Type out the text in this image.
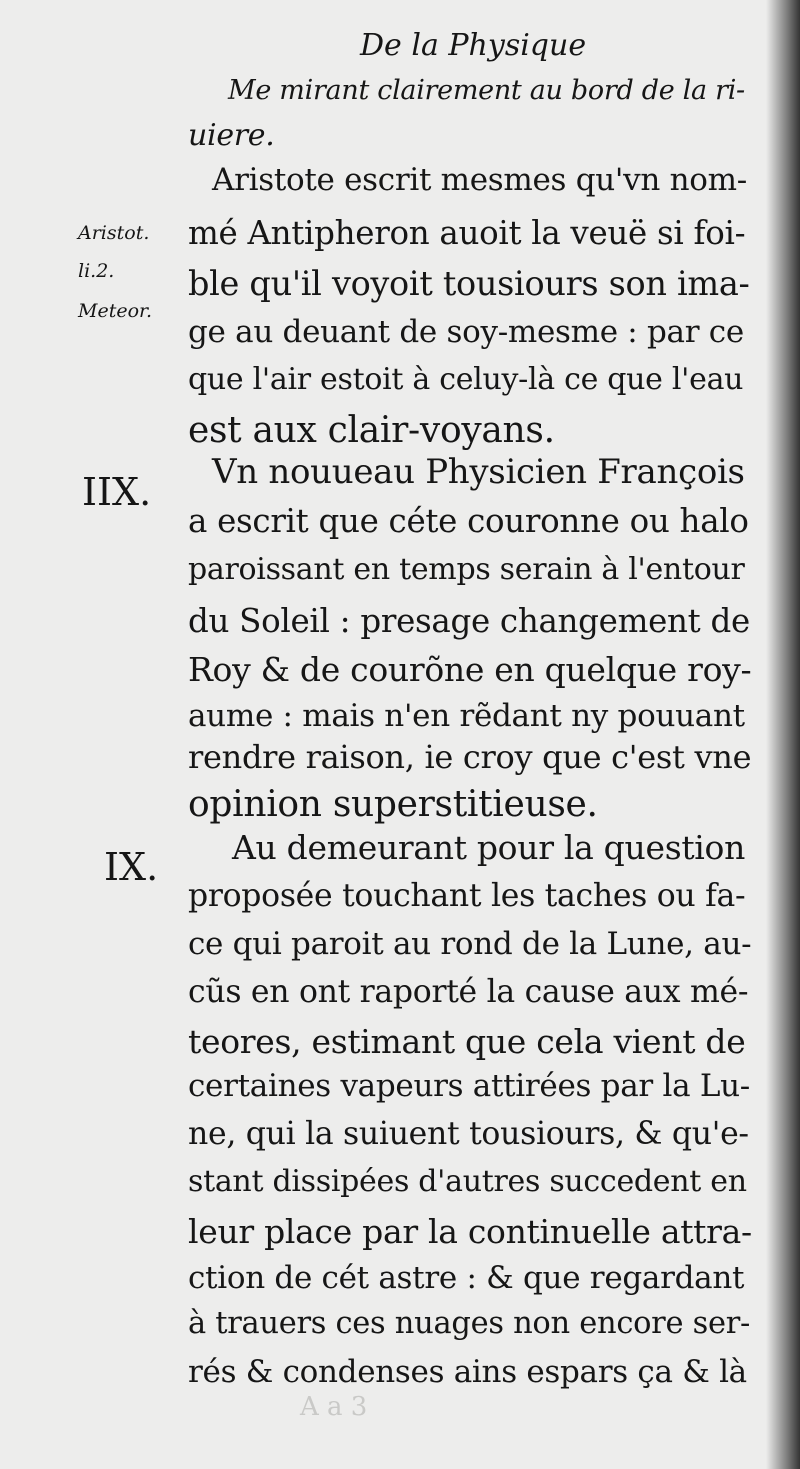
De la Physique
Me mirant clairement au bord de la ri-
uiere.
Aristote escrit mesmes qu'vn nom-
mé Antipheron auoit la veuë si foi-
ble qu'il voyoit tousiours son ima-
ge au deuant de soy-mesme : par ce
que l'air estoit à celuy-là ce que l'eau
est aux clair-voyans.
Aristot.
li.2.
Meteor.
IIX. Vn nouueau Physicien François
a escrit que céte couronne ou halo
paroissant en temps serain à l'entour
du Soleil : presage changement de
Roy & de courõne en quelque roy-
aume : mais n'en rẽdant ny pouuant
rendre raison, ie croy que c'est vne
opinion superstitieuse.
IX. Au demeurant pour la question
proposée touchant les taches ou fa-
ce qui paroit au rond de la Lune, au-
cũs en ont raporté la cause aux mé-
teores, estimant que cela vient de
certaines vapeurs attirées par la Lu-
ne, qui la suiuent tousiours, & qu'e-
stant dissipées d'autres succedent en
leur place par la continuelle attra-
ction de cét astre : & que regardant
à trauers ces nuages non encore ser-
rés & condenses ains espars ça & là
A a 3
